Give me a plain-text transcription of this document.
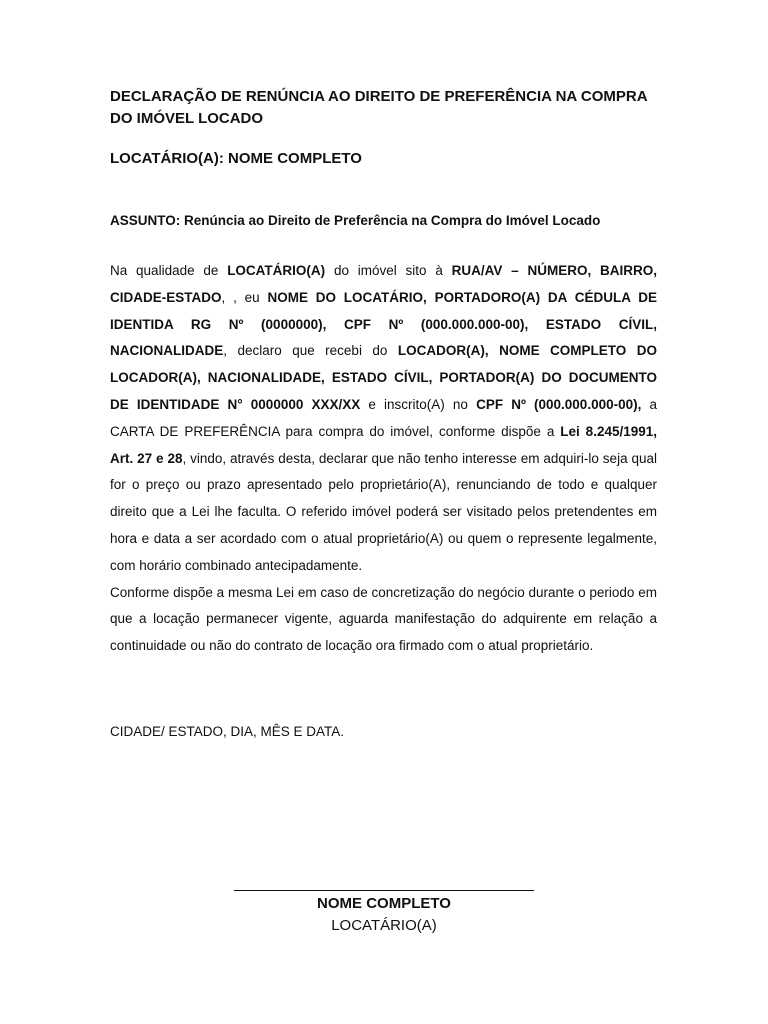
DECLARAÇÃO DE RENÚNCIA AO DIREITO DE PREFERÊNCIA NA COMPRA DO IMÓVEL LOCADO
LOCATÁRIO(A): NOME COMPLETO

ASSUNTO: Renúncia ao Direito de Preferência na Compra do Imóvel Locado

Na qualidade de LOCATÁRIO(A) do imóvel sito à RUA/AV – NÚMERO, BAIRRO, CIDADE-ESTADO, , eu NOME DO LOCATÁRIO, PORTADORO(A) DA CÉDULA DE IDENTIDA RG Nº (0000000), CPF Nº (000.000.000-00), ESTADO CÍVIL, NACIONALIDADE, declaro que recebi do LOCADOR(A), NOME COMPLETO DO LOCADOR(A), NACIONALIDADE, ESTADO CÍVIL, PORTADOR(A) DO DOCUMENTO DE IDENTIDADE N° 0000000 XXX/XX e inscrito(A) no CPF Nº (000.000.000-00), a CARTA DE PREFERÊNCIA para compra do imóvel, conforme dispõe a Lei 8.245/1991, Art. 27 e 28, vindo, através desta, declarar que não tenho interesse em adquiri-lo seja qual for o preço ou prazo apresentado pelo proprietário(A), renunciando de todo e qualquer direito que a Lei lhe faculta. O referido imóvel poderá ser visitado pelos pretendentes em hora e data a ser acordado com o atual proprietário(A) ou quem o represente legalmente, com horário combinado antecipadamente.

Conforme dispõe a mesma Lei em caso de concretização do negócio durante o periodo em que a locação permanecer vigente, aguarda manifestação do adquirente em relação a continuidade ou não do contrato de locação ora firmado com o atual proprietário.

CIDADE/ ESTADO, DIA, MÊS E DATA.

NOME COMPLETO
LOCATÁRIO(A)
